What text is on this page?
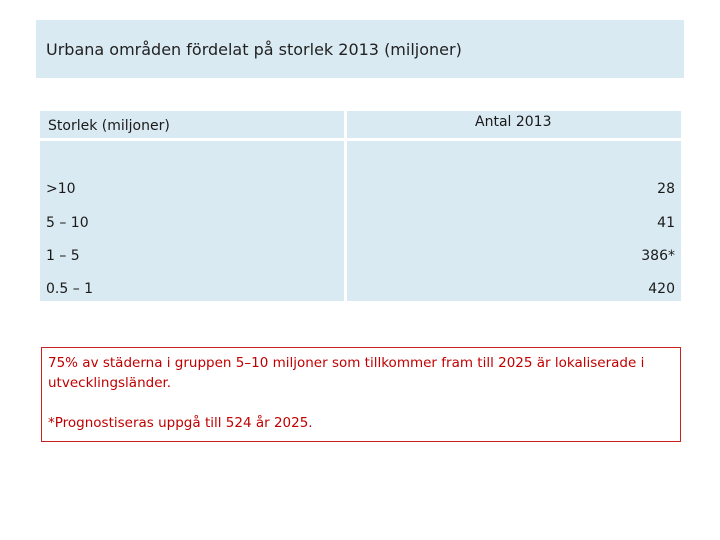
Urbana områden fördelat på storlek 2013 (miljoner)
Storlek (miljoner)	Antal 2013
>10	28
5 – 10	41
1 – 5	386*
0.5 – 1	420

75% av städerna i gruppen 5–10 miljoner som tillkommer fram till 2025 är lokaliserade i utvecklingsländer.

*Prognostiseras uppgå till 524 år 2025.
